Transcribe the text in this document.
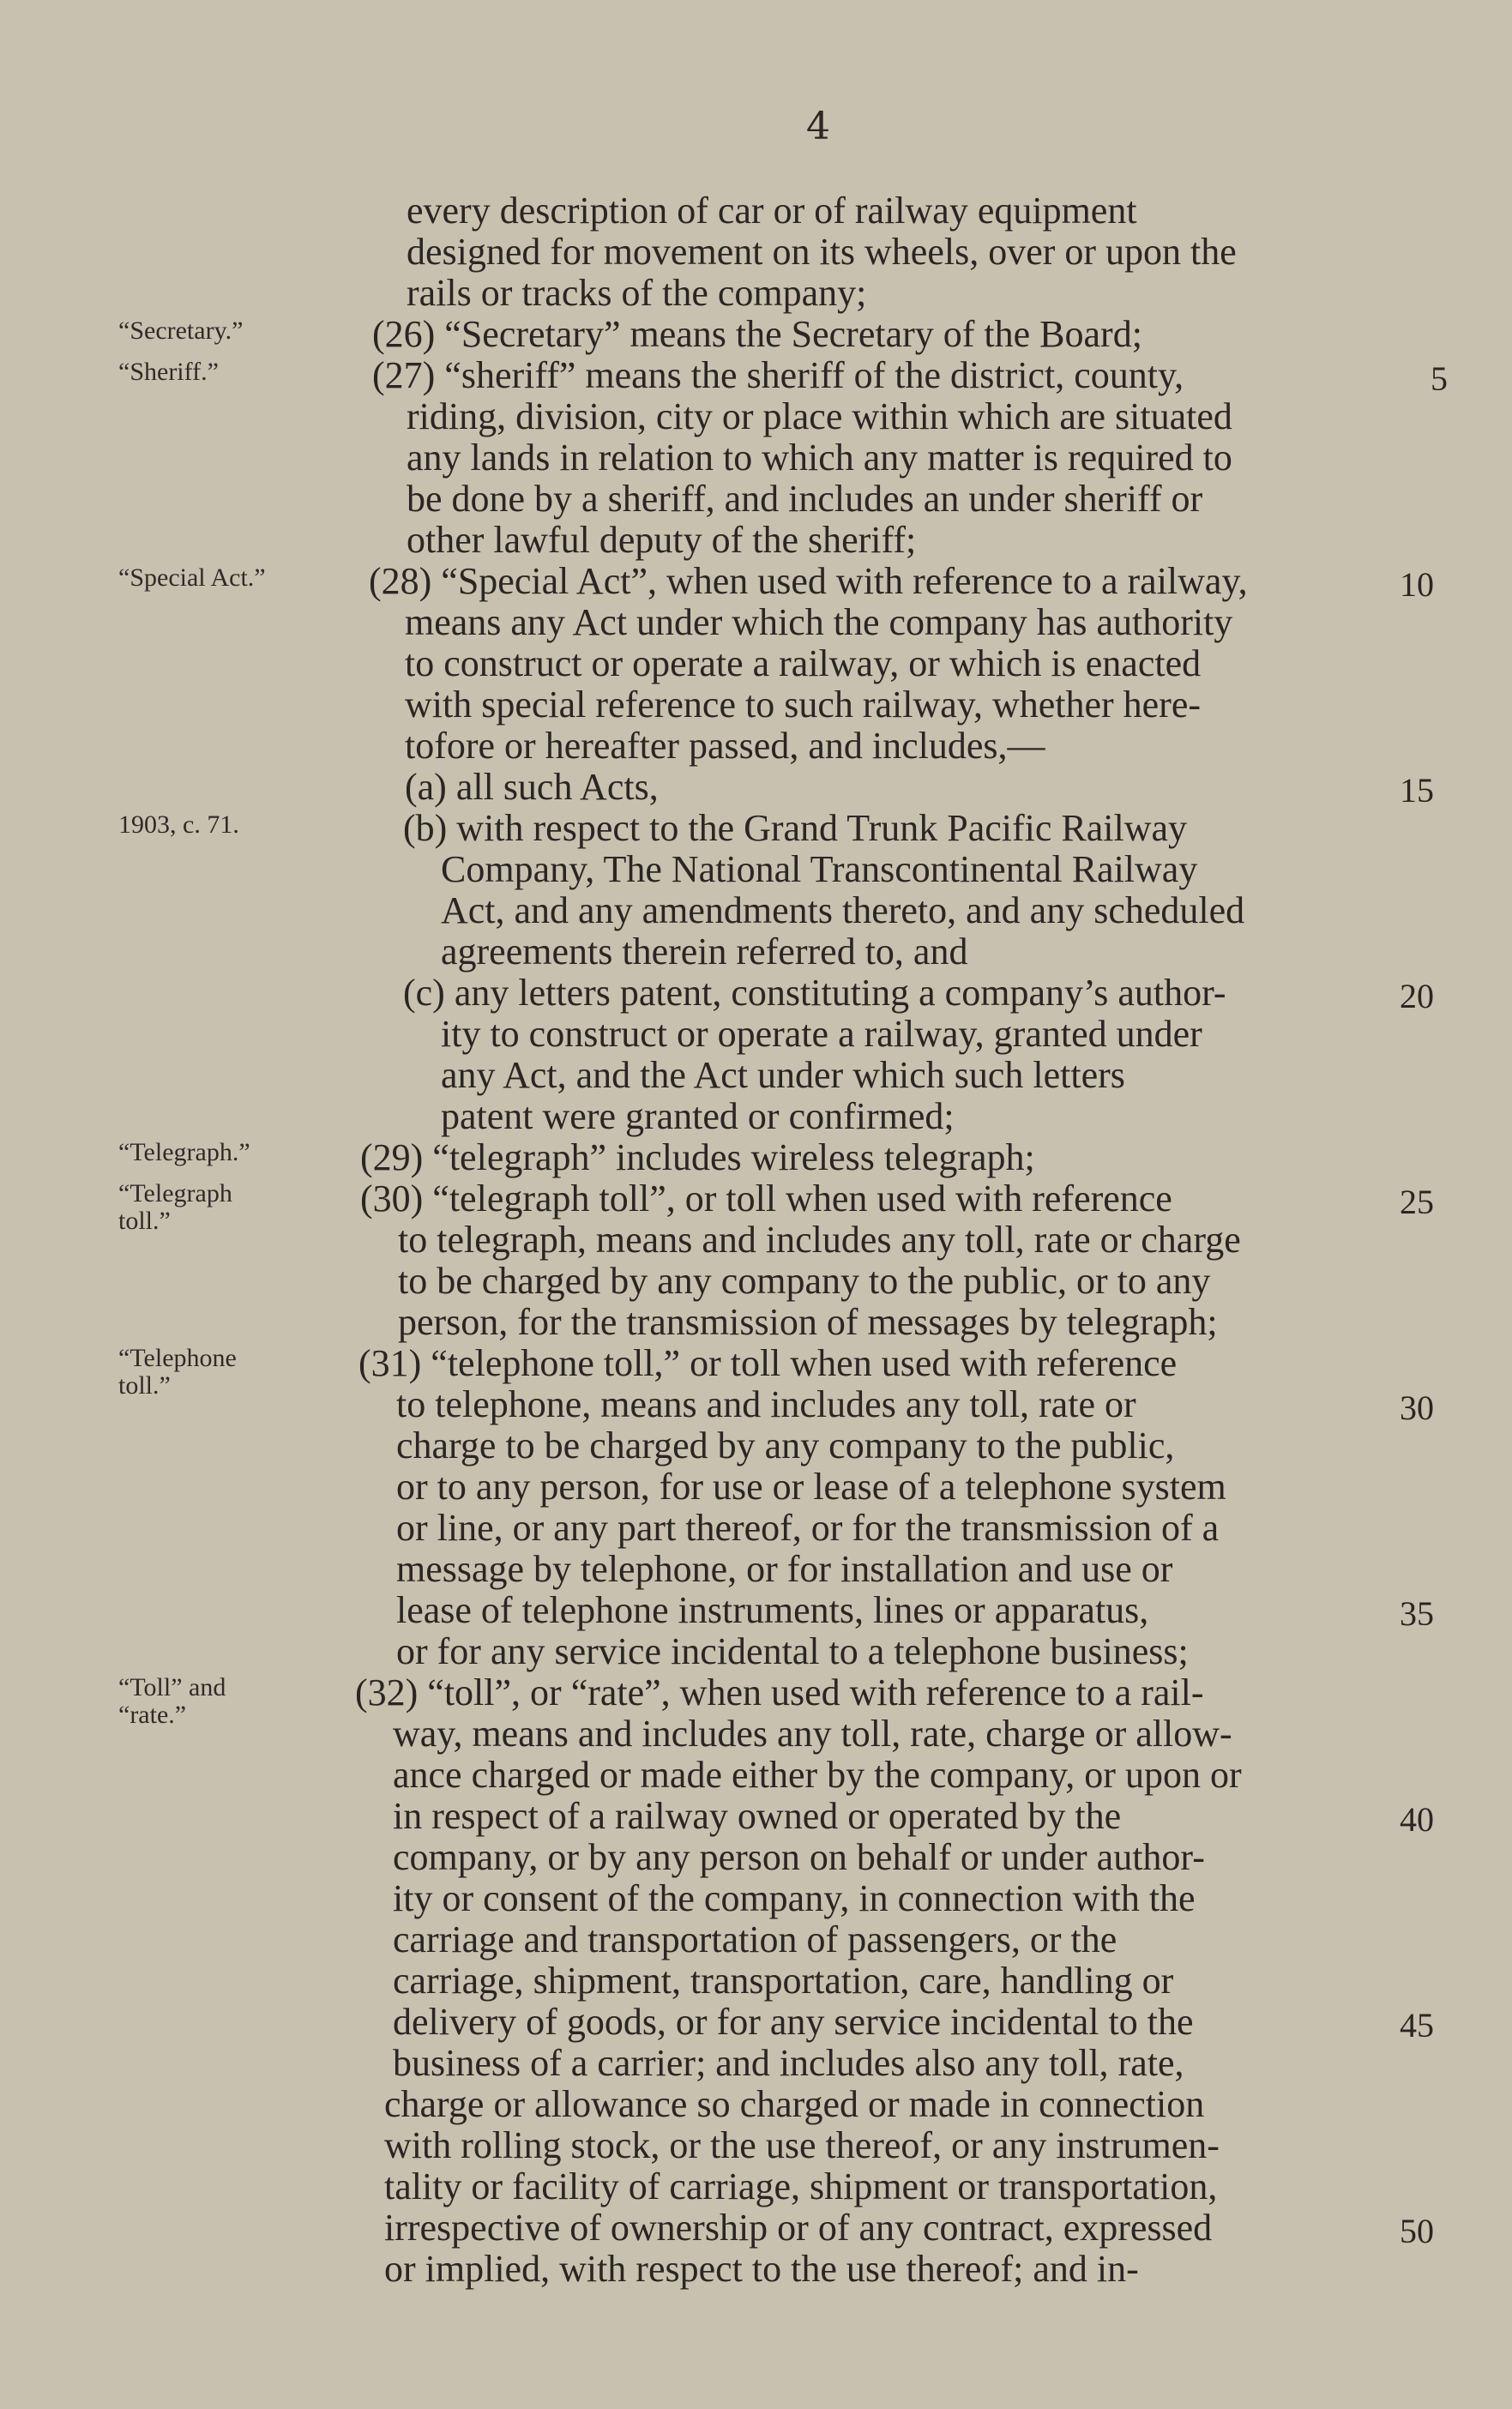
4
“Secretary.”
“Sheriff.”
“Special Act.”
1903, c. 71.
“Telegraph.”
“Telegraph toll.”
“Telephone toll.”
“Toll” and “rate.”
every description of car or of railway equipment
designed for movement on its wheels, over or upon the
rails or tracks of the company;
(26) “Secretary” means the Secretary of the Board;
(27) “sheriff” means the sheriff of the district, county,
riding, division, city or place within which are situated
any lands in relation to which any matter is required to
be done by a sheriff, and includes an under sheriff or
other lawful deputy of the sheriff;
(28) “Special Act”, when used with reference to a railway,
means any Act under which the company has authority
to construct or operate a railway, or which is enacted
with special reference to such railway, whether here-
tofore or hereafter passed, and includes,—
(a) all such Acts,
(b) with respect to the Grand Trunk Pacific Railway
Company, The National Transcontinental Railway
Act, and any amendments thereto, and any scheduled
agreements therein referred to, and
(c) any letters patent, constituting a company’s author-
ity to construct or operate a railway, granted under
any Act, and the Act under which such letters
patent were granted or confirmed;
(29) “telegraph” includes wireless telegraph;
(30) “telegraph toll”, or toll when used with reference
to telegraph, means and includes any toll, rate or charge
to be charged by any company to the public, or to any
person, for the transmission of messages by telegraph;
(31) “telephone toll,” or toll when used with reference
to telephone, means and includes any toll, rate or
charge to be charged by any company to the public,
or to any person, for use or lease of a telephone system
or line, or any part thereof, or for the transmission of a
message by telephone, or for installation and use or
lease of telephone instruments, lines or apparatus,
or for any service incidental to a telephone business;
(32) “toll”, or “rate”, when used with reference to a rail-
way, means and includes any toll, rate, charge or allow-
ance charged or made either by the company, or upon or
in respect of a railway owned or operated by the
company, or by any person on behalf or under author-
ity or consent of the company, in connection with the
carriage and transportation of passengers, or the
carriage, shipment, transportation, care, handling or
delivery of goods, or for any service incidental to the
business of a carrier; and includes also any toll, rate,
charge or allowance so charged or made in connection
with rolling stock, or the use thereof, or any instrumen-
tality or facility of carriage, shipment or transportation,
irrespective of ownership or of any contract, expressed
or implied, with respect to the use thereof; and in-
5
10
15
20
25
30
35
40
45
50
